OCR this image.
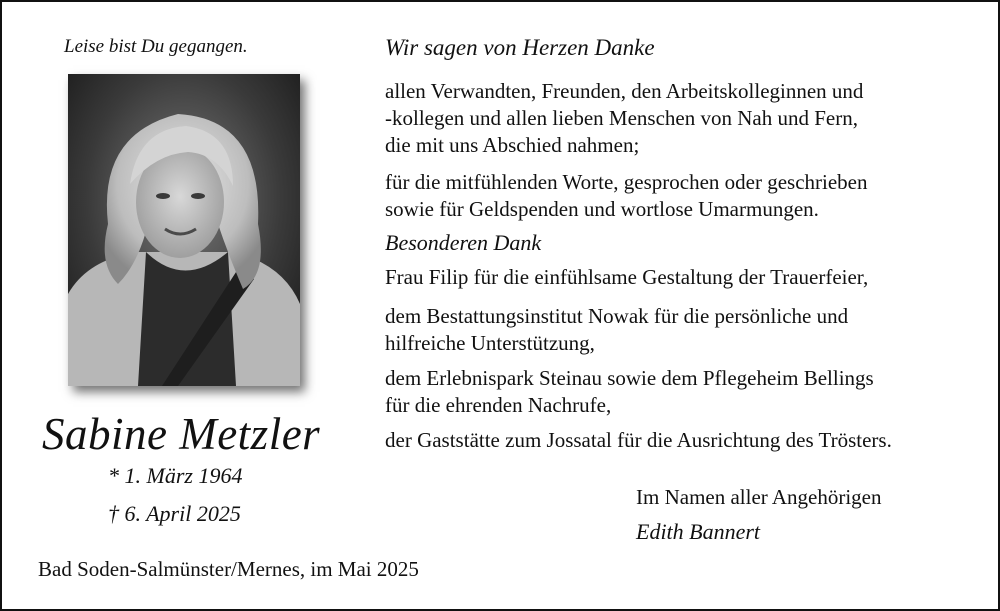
Leise bist Du gegangen.
Sabine Metzler
* 1. März 1964
† 6. April 2025
Bad Soden-Salmünster/Mernes, im Mai 2025
Wir sagen von Herzen Danke
allen Verwandten, Freunden, den Arbeitskolleginnen und
-kollegen und allen lieben Menschen von Nah und Fern,
die mit uns Abschied nahmen;
für die mitfühlenden Worte, gesprochen oder geschrieben
sowie für Geldspenden und wortlose Umarmungen.
Besonderen Dank
Frau Filip für die einfühlsame Gestaltung der Trauerfeier,
dem Bestattungsinstitut Nowak für die persönliche und
hilfreiche Unterstützung,
dem Erlebnispark Steinau sowie dem Pflegeheim Bellings
für die ehrenden Nachrufe,
der Gaststätte zum Jossatal für die Ausrichtung des Trösters.
Im Namen aller Angehörigen
Edith Bannert
